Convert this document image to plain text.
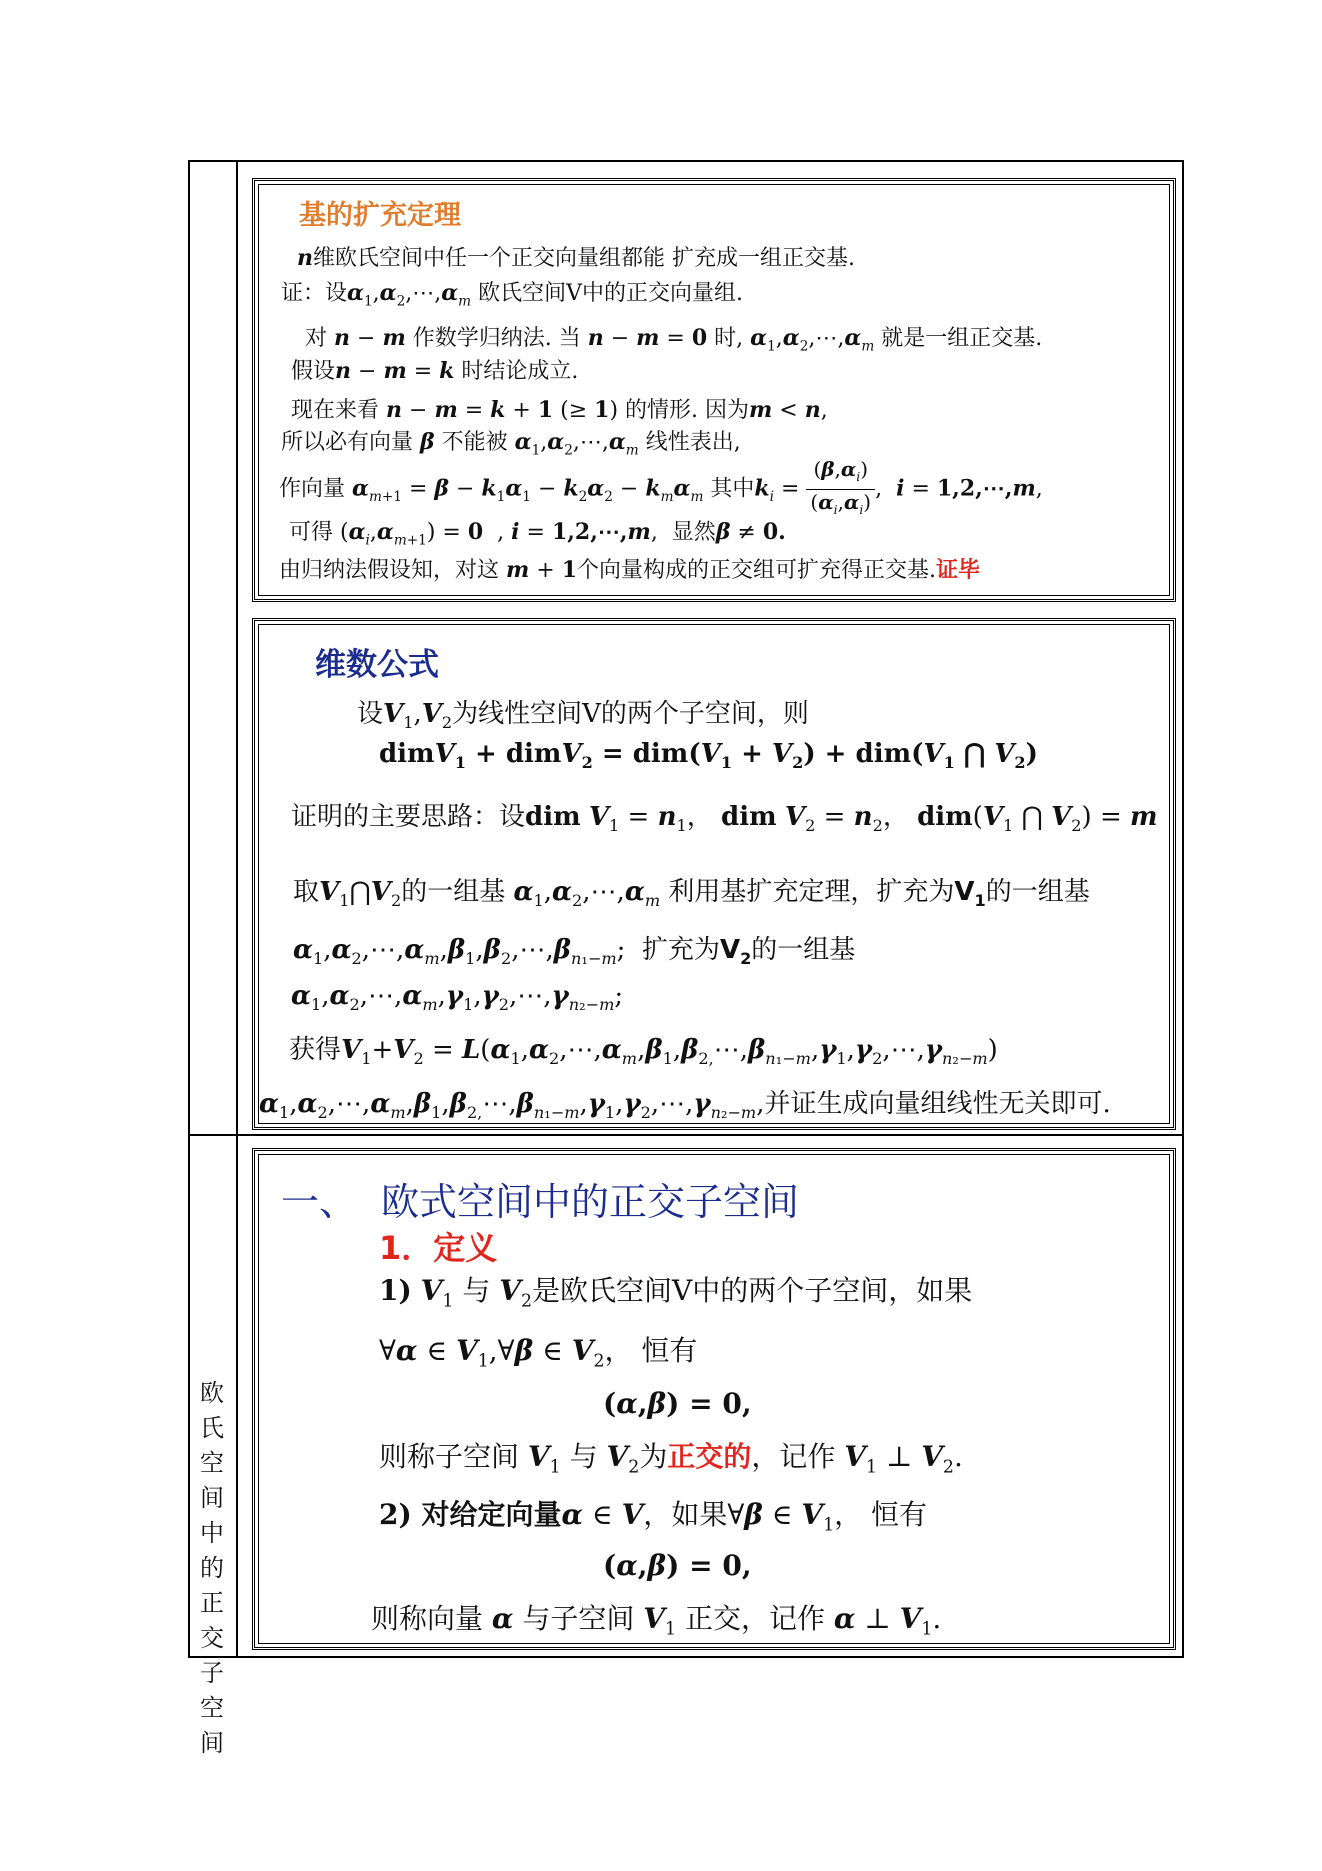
基的扩充定理
n维欧氏空间中任一个正交向量组都能 扩充成一组正交基.
证：设$\alpha_1,\alpha_2,\cdots,\alpha_m$ 欧氏空间Ⅴ中的正交向量组.
对 n − m 作数学归纳法. 当 n − m = 0 时, $\alpha_1,\alpha_2,\cdots,\alpha_m$ 就是一组正交基.
假设n − m = k 时结论成立.
现在来看 n − m = k + 1 (≥ 1) 的情形. 因为m < n,
所以必有向量 β 不能被 $\alpha_1,\alpha_2,\cdots,\alpha_m$ 线性表出,
作向量 $\alpha_{m+1} = \beta - k_1\alpha_1 - k_2\alpha_2 - k_m\alpha_m$ 其中$k_i = \frac{(\beta,\alpha_i)}{(\alpha_i,\alpha_i)}$ ,  i = 1,2,⋯,m,
可得 $(\alpha_i,\alpha_{m+1}) = 0$  , i = 1,2,⋯,m,  显然β ≠ 0.
由归纳法假设知，对这 m + 1个向量构成的正交组可扩充得正交基.证毕
维数公式
设$V_1,V_2$为线性空间V的两个子空间，则
dimV$_1$ + dimV$_2$ = $dim(V_1 + V_2) + dim(V_1$ ⋂ $V_2$)
证明的主要思路：设dim $V_1 = n_1$， dim $V_2 = n_2$， $dim(V_1$ ⋂ $V_2) = m$
取$V_1⋂V_2$的一组基 $\alpha_1,\alpha_2,\cdots,\alpha_m$ 利用基扩充定理，扩充为$V_1$的一组基
$\alpha_1,\alpha_2,\cdots,\alpha_m,\beta_1,\beta_2,\cdots,\beta_{n_1-m}$;  扩充为$V_2$的一组基
$\alpha_1,\alpha_2,\cdots,\alpha_m,\gamma_1,\gamma_2,\cdots,\gamma_{n_2-m}$;
获得$V_1+V_2$ = $L(\alpha_1,\alpha_2,\cdots,\alpha_m,\beta_1,\beta_{2,}\cdots,\beta_{n_1-m},\gamma_1,\gamma_2,\cdots,\gamma_{n_2-m})$
$\alpha_1,\alpha_2,\cdots,\alpha_m,\beta_1,\beta_{2,}\cdots,\beta_{n_1-m},\gamma_1,\gamma_2,\cdots,\gamma_{n_2-m}$,并证生成向量组线性无关即可.
欧
氏
空
间
中
的
正
交
子
空
间
一、 欧式空间中的正交子空间
1．定义
1) $V_1$ 与 $V_2$是欧氏空间V中的两个子空间，如果
∀α ∈ $V_1,\forall\beta$ ∈ $V_2$， 恒有
(α,β) = 0,
则称子空间 $V_1$ 与 $V_2$为正交的，记作 $V_1$ ⊥ $V_2$.
2) 对给定向量α ∈ V，如果∀β ∈ $V_1$， 恒有
(α,β) = 0,
则称向量 α 与子空间 $V_1$ 正交，记作 α ⊥ $V_1$.
